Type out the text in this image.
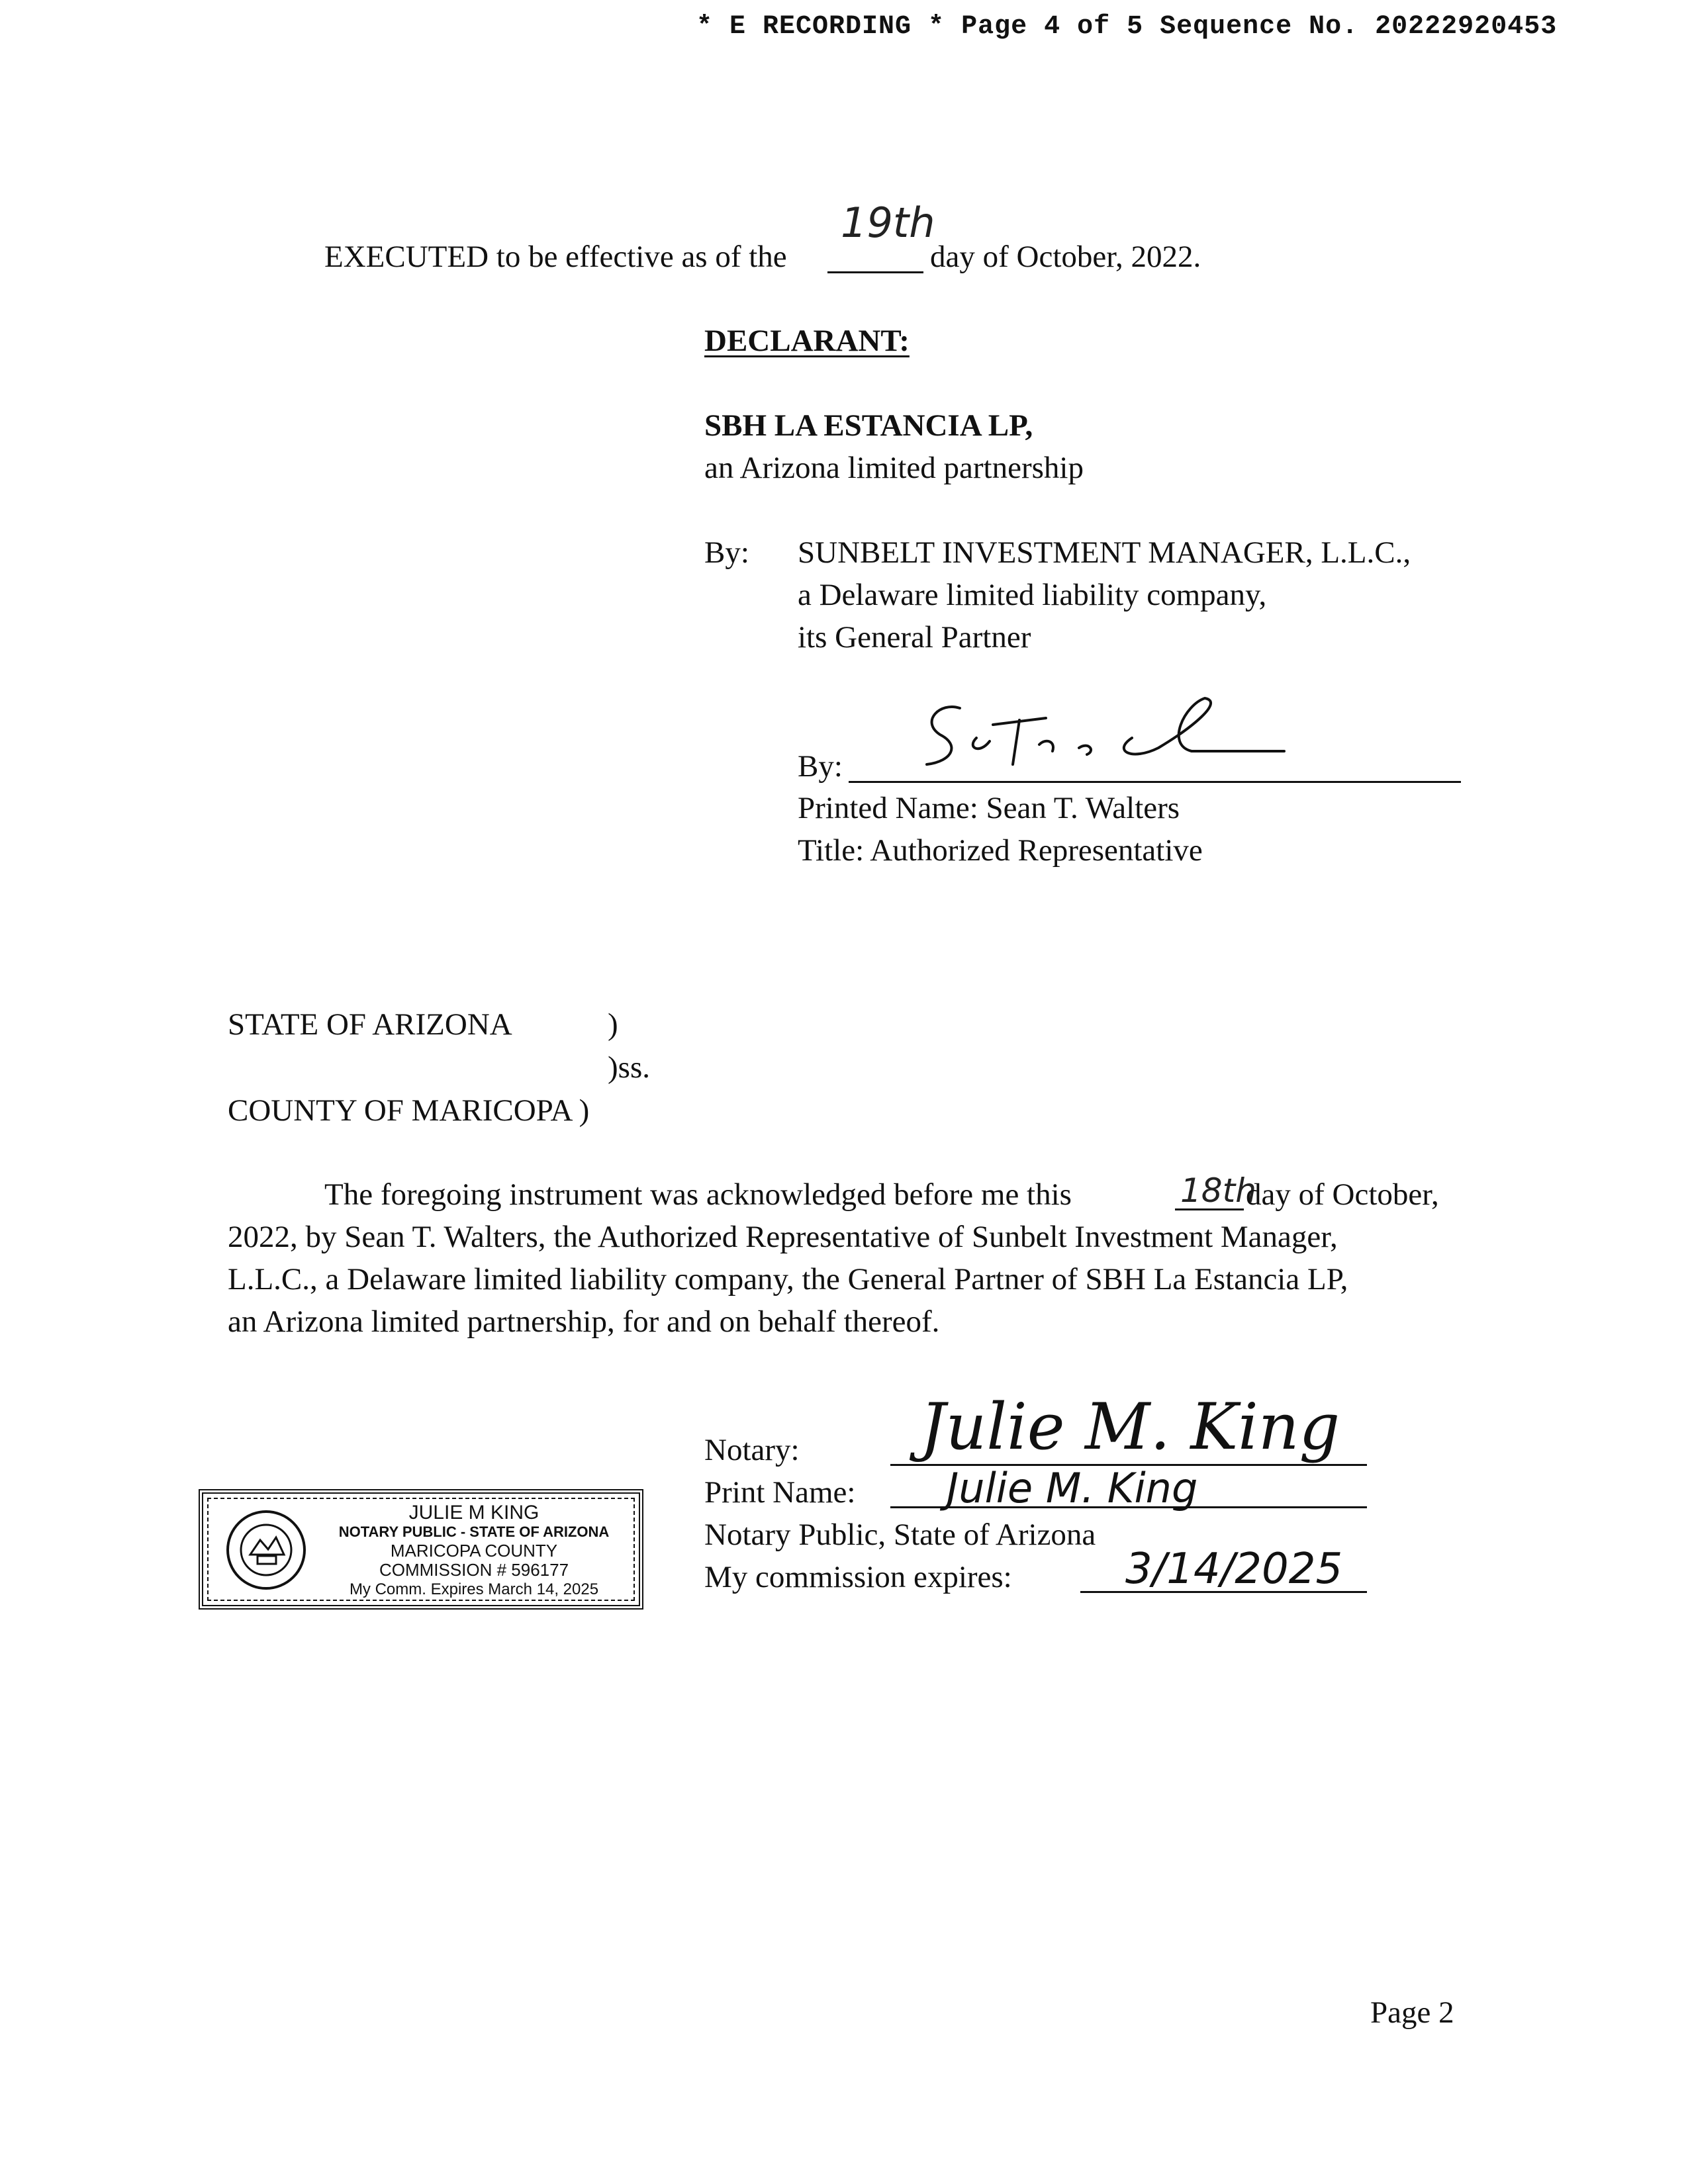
* E RECORDING * Page 4 of 5 Sequence No. 20222920453
EXECUTED to be effective as of the
19th
day of October, 2022.
DECLARANT:
SBH LA ESTANCIA LP,
an Arizona limited partnership
By: SUNBELT INVESTMENT MANAGER, L.L.C.,
a Delaware limited liability company,
its General Partner
By:
Printed Name: Sean T. Walters
Title: Authorized Representative
STATE OF ARIZONA	)
)ss.
COUNTY OF MARICOPA )
The foregoing instrument was acknowledged before me this	18th
day of October,
2022, by Sean T. Walters, the Authorized Representative of Sunbelt Investment Manager,
L.L.C., a Delaware limited liability company, the General Partner of SBH La Estancia LP,
an Arizona limited partnership, for and on behalf thereof.
JULIE M KING
NOTARY PUBLIC - STATE OF ARIZONA
MARICOPA COUNTY
COMMISSION # 596177
My Comm. Expires March 14, 2025
Notary: Julie M. King
Print Name: Julie M. King
Notary Public, State of Arizona
My commission expires:	3/14/2025
Page 2
